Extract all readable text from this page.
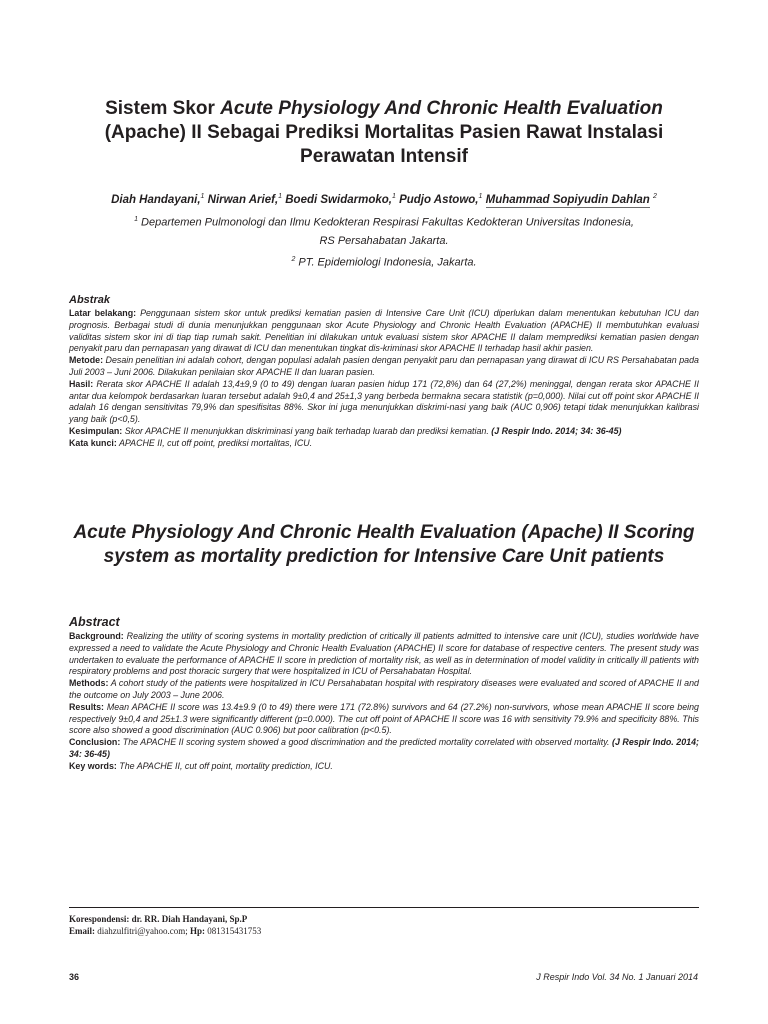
Sistem Skor Acute Physiology And Chronic Health Evaluation (Apache) II Sebagai Prediksi Mortalitas Pasien Rawat Instalasi Perawatan Intensif
Diah Handayani,$^1$ Nirwan Arief,$^1$ Boedi Swidarmoko,$^1$ Pudjo Astowo,$^1$ Muhammad Sopiyudin Dahlan $^2$
$^1$ Departemen Pulmonologi dan Ilmu Kedokteran Respirasi Fakultas Kedokteran Universitas Indonesia,
RS Persahabatan Jakarta.
$^2$ PT. Epidemiologi Indonesia, Jakarta.
Abstrak

Latar belakang: Penggunaan sistem skor untuk prediksi kematian pasien di Intensive Care Unit (ICU) diperlukan dalam menentukan kebutuhan ICU dan prognosis. Berbagai studi di dunia menunjukkan penggunaan skor Acute Physiology and Chronic Health Evaluation (APACHE) II membutuhkan evaluasi validitas sistem skor ini di tiap tiap rumah sakit. Penelitian ini dilakukan untuk evaluasi sistem skor APACHE II dalam memprediksi kematian pasien dengan penyakit paru dan pernapasan yang dirawat di ICU dan menentukan tingkat dis-kriminasi skor APACHE II terhadap hasil akhir pasien.

Metode: Desain penelitian ini adalah cohort, dengan populasi adalah pasien dengan penyakit paru dan pernapasan yang dirawat di ICU RS Persahabatan pada Juli 2003 – Juni 2006. Dilakukan penilaian skor APACHE II dan luaran pasien.

Hasil: Rerata skor APACHE II adalah 13,4±9,9 (0 to 49) dengan luaran pasien hidup 171 (72,8%) dan 64 (27,2%) meninggal, dengan rerata skor APACHE II antar dua kelompok berdasarkan luaran tersebut adalah 9±0,4 and 25±1,3 yang berbeda bermakna secara statistik (p=0,000). Nilai cut off point skor APACHE II adalah 16 dengan sensitivitas 79,9% dan spesifisitas 88%. Skor ini juga menunjukkan diskrimi-nasi yang baik (AUC 0,906) tetapi tidak menunjukkan kalibrasi yang baik (p<0,5).

Kesimpulan: Skor APACHE II menunjukkan diskriminasi yang baik terhadap luarab dan prediksi kematian. (J Respir Indo. 2014; 34: 36-45)

Kata kunci: APACHE II, cut off point, prediksi mortalitas, ICU.

Acute Physiology And Chronic Health Evaluation (Apache) II Scoring system as mortality prediction for Intensive Care Unit patients
Abstract

Background: Realizing the utility of scoring systems in mortality prediction of critically ill patients admitted to intensive care unit (ICU), studies worldwide have expressed a need to validate the Acute Physiology and Chronic Health Evaluation (APACHE) II score for database of respective centers. The present study was undertaken to evaluate the performance of APACHE II score in prediction of mortality risk, as well as in determination of model validity in critically ill patients with respiratory problems and post thoracic surgery that were hospitalized in ICU of Persahabatan Hospital.

Methods: A cohort study of the patients were hospitalized in ICU Persahabatan hospital with respiratory diseases were evaluated and scored of APACHE II and the outcome on July 2003 – June 2006.

Results: Mean APACHE II score was 13.4±9.9 (0 to 49) there were 171 (72.8%) survivors and 64 (27.2%) non-survivors, whose mean APACHE II score being respectively 9±0,4 and 25±1.3 were significantly different (p=0.000). The cut off point of APACHE II score was 16 with sensitivity 79.9% and specificity 88%. This score also showed a good discrimination (AUC 0.906) but poor calibration (p<0.5).

Conclusion: The APACHE II scoring system showed a good discrimination and the predicted mortality correlated with observed mortality. (J Respir Indo. 2014; 34: 36-45)

Key words: The APACHE II, cut off point, mortality prediction, ICU.

Korespondensi: dr. RR. Diah Handayani, Sp.P
Email: diahzulfitri@yahoo.com; Hp: 081315431753
36	J Respir Indo Vol. 34 No. 1 Januari 2014
